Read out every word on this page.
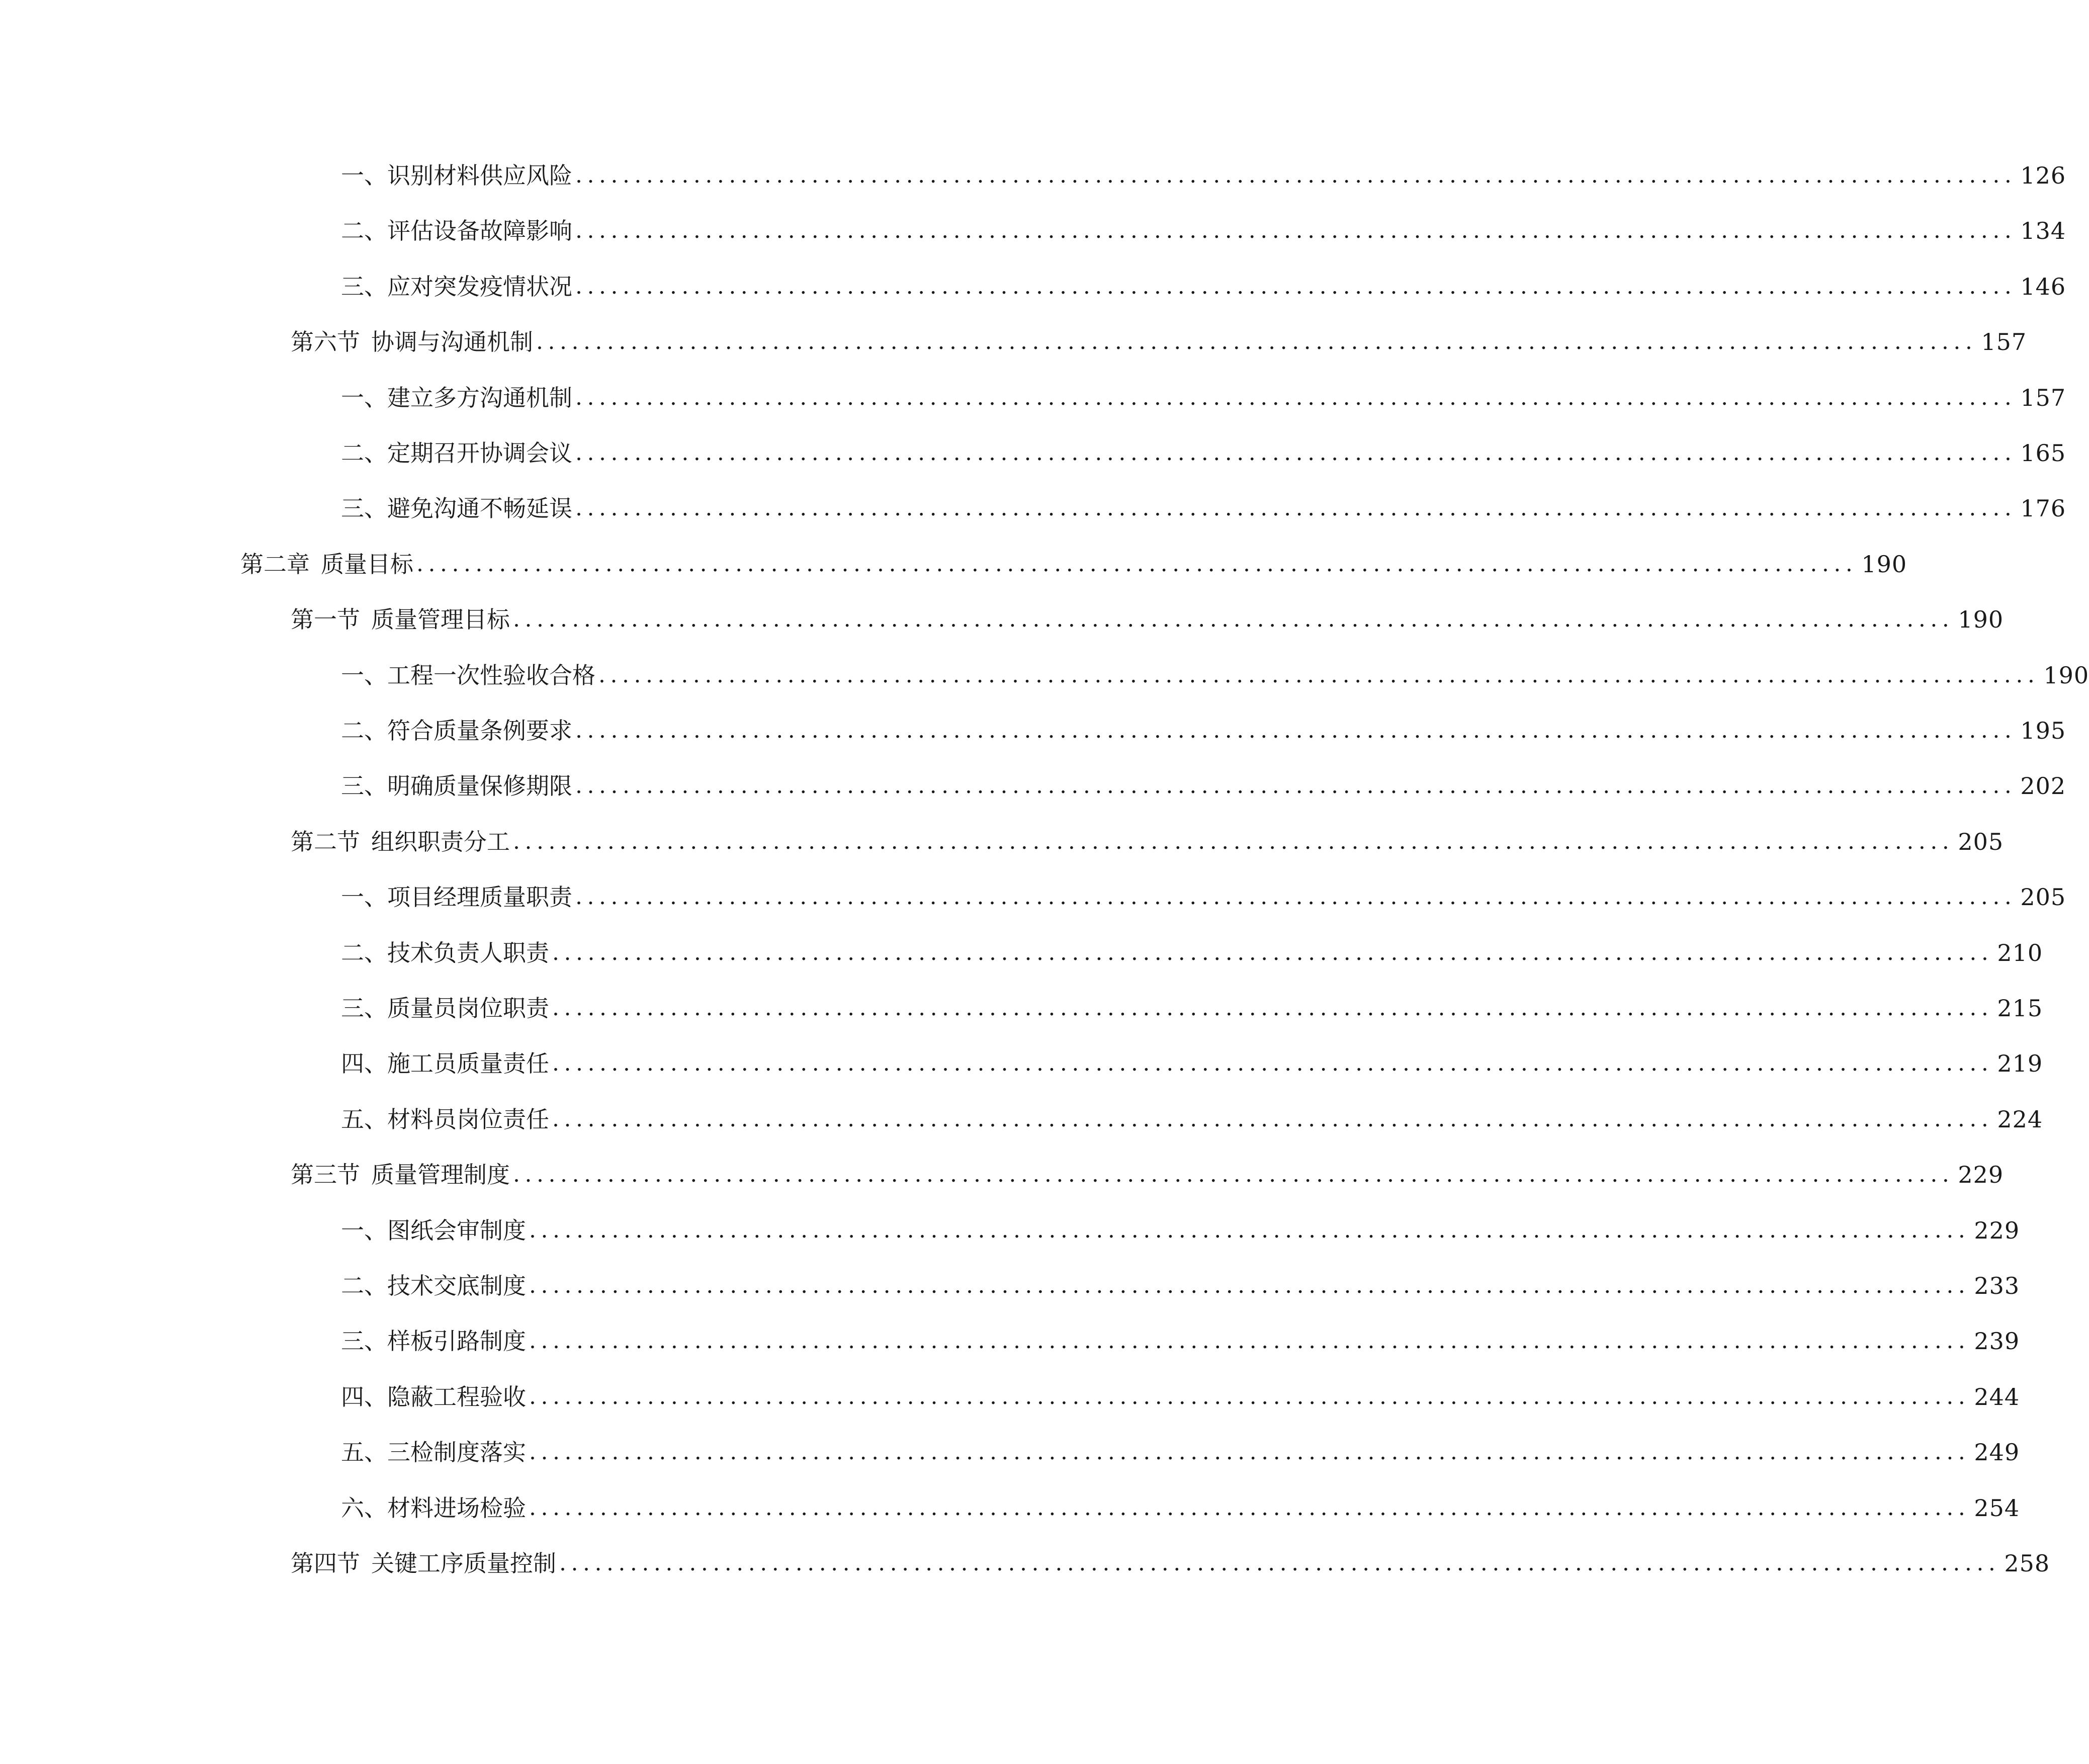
一、 识别材料供应风险 .......................................................................................................................... 126
二、 评估设备故障影响 .......................................................................................................................... 134
三、 应对突发疫情状况 .......................................................................................................................... 146
第六节 协调与沟通机制 .......................................................................................................................... 157
一、 建立多方沟通机制 .......................................................................................................................... 157
二、 定期召开协调会议 .......................................................................................................................... 165
三、 避免沟通不畅延误 .......................................................................................................................... 176
第二章 质量目标 .......................................................................................................................... 190
第一节 质量管理目标 .......................................................................................................................... 190
一、 工程一次性验收合格 .......................................................................................................................... 190
二、 符合质量条例要求 .......................................................................................................................... 195
三、 明确质量保修期限 .......................................................................................................................... 202
第二节 组织职责分工 .......................................................................................................................... 205
一、 项目经理质量职责 .......................................................................................................................... 205
二、 技术负责人职责 .......................................................................................................................... 210
三、 质量员岗位职责 .......................................................................................................................... 215
四、 施工员质量责任 .......................................................................................................................... 219
五、 材料员岗位责任 .......................................................................................................................... 224
第三节 质量管理制度 .......................................................................................................................... 229
一、 图纸会审制度 .......................................................................................................................... 229
二、 技术交底制度 .......................................................................................................................... 233
三、 样板引路制度 .......................................................................................................................... 239
四、 隐蔽工程验收 .......................................................................................................................... 244
五、 三检制度落实 .......................................................................................................................... 249
六、 材料进场检验 .......................................................................................................................... 254
第四节 关键工序质量控制 .......................................................................................................................... 258
